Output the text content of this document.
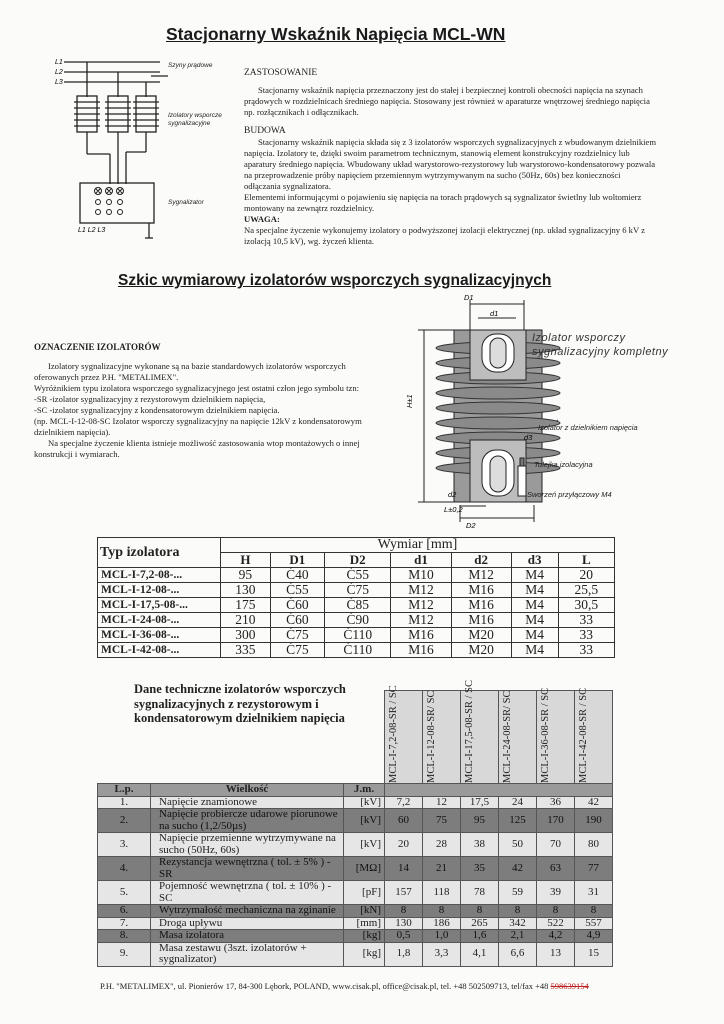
Stacjonarny Wskaźnik Napięcia MCL-WN
L1
L2
L3
L1 L2 L3
Szyny prądowe
Izolatory wsporcze sygnalizacyjne
Sygnalizator

ZASTOSOWANIE

Stacjonarny wskaźnik napięcia przeznaczony jest do stałej i bezpiecznej kontroli obecności napięcia na szynach prądowych w rozdzielnicach średniego napięcia. Stosowany jest również w aparaturze wnętrzowej średniego napięcia np. rozłącznikach i odłącznikach.

BUDOWA

Stacjonarny wskaźnik napięcia składa się z 3 izolatorów wsporczych sygnalizacyjnych z wbudowanym dzielnikiem napięcia. Izolatory te, dzięki swoim parametrom technicznym, stanowią element konstrukcyjny rozdzielnicy lub aparatury średniego napięcia. Wbudowany układ warystorowo-rezystorowy lub warystorowo-kondensatorowy pozwala na przeprowadzenie próby napięciem przemiennym wytrzymywanym na sucho (50Hz, 60s) bez konieczności odłączania sygnalizatora.

Elementemi informującymi o pojawieniu się napięcia na torach prądowych są sygnalizator świetlny lub woltomierz montowany na zewnątrz rozdzielnicy.

UWAGA:

Na specjalne życzenie wykonujemy izolatory o podwyższonej izolacji elektrycznej (np. układ sygnalizacyjny 6 kV z izolacją 10,5 kV), wg. życzeń klienta.

Szkic wymiarowy izolatorów wsporczych sygnalizacyjnych

OZNACZENIE IZOLATORÓW

Izolatory sygnalizacyjne wykonane są na bazie standardowych izolatorów wsporczych oferowanych przez P.H. "METALIMEX".

Wyróżnikiem typu izolatora wsporczego sygnalizacyjnego jest ostatni człon jego symbolu tzn:

-SR -izolator sygnalizacyjny z rezystorowym dzielnikiem napięcia,

-SC -izolator sygnalizacyjny z kondensatorowym dzielnikiem napięcia.

(np. MCL-I-12-08-SC Izolator wsporczy sygnalizacyjny na napięcie 12kV z kondensatorowym dzielnikiem napięcia).

Na specjalne życzenie klienta istnieje możliwość zastosowania wtop montażowych o innej konstrukcji i wymiarach.

D1
d1
d3
d2
L±0,2
D2
H±1
Izolator wsporczy sygnalizacyjny kompletny
Izolator z dzielnikiem napięcia
Tulejka izolacyjna
Sworzeń przyłączowy M4
Typ izolatora	Wymiar [mm]						
	H	D1	D2	d1	d2	d3	L
MCL-I-7,2-08-...	95	Ć40	Ć55	M10	M12	M4	20
MCL-I-12-08-...	130	Ć55	Ć75	M12	M16	M4	25,5
MCL-I-17,5-08-...	175	Ć60	Ć85	M12	M16	M4	30,5
MCL-I-24-08-...	210	Ć60	Ć90	M12	M16	M4	33
MCL-I-36-08-...	300	Ć75	Ć110	M16	M20	M4	33
MCL-I-42-08-...	335	Ć75	Ć110	M16	M20	M4	33
Dane techniczne izolatorów wsporczych sygnalizacyjnych z rezystorowym i kondensatorowym dzielnikiem napięcia

			MCL-I-7,2-08-SR / SC	MCL-I-12-08-SR/ SC	MCL-I-17,5-08-SR / SC	MCL-I-24-08-SR/ SC	MCL-I-36-08-SR / SC	MCL-I-42-08-SR / SC

L.p.	Wielkość	J.m.						
1.	Napięcie znamionowe	[kV]	7,2	12	17,5	24	36	42
2.	Napięcie probiercze udarowe piorunowe na sucho (1,2/50µs)	[kV]	60	75	95	125	170	190
3.	Napięcie przemienne wytrzymywane na sucho (50Hz, 60s)	[kV]	20	28	38	50	70	80
4.	Rezystancja wewnętrzna ( tol. ± 5% ) - SR	[MΩ]	14	21	35	42	63	77
5.	Pojemność wewnętrzna ( tol. ± 10% ) - SC	[pF]	157	118	78	59	39	31
6.	Wytrzymałość mechaniczna na zginanie	[kN]	8	8	8	8	8	8
7.	Droga upływu	[mm]	130	186	265	342	522	557
8.	Masa izolatora	[kg]	0,5	1,0	1,6	2,1	4,2	4,9
9.	Masa zestawu (3szt. izolatorów + sygnalizator)	[kg]	1,8	3,3	4,1	6,6	13	15
P.H. "METALIMEX", ul. Pionierów 17, 84-300 Lębork, POLAND, www.cisak.pl, office@cisak.pl, tel. +48 502509713, tel/fax +48 598639154
